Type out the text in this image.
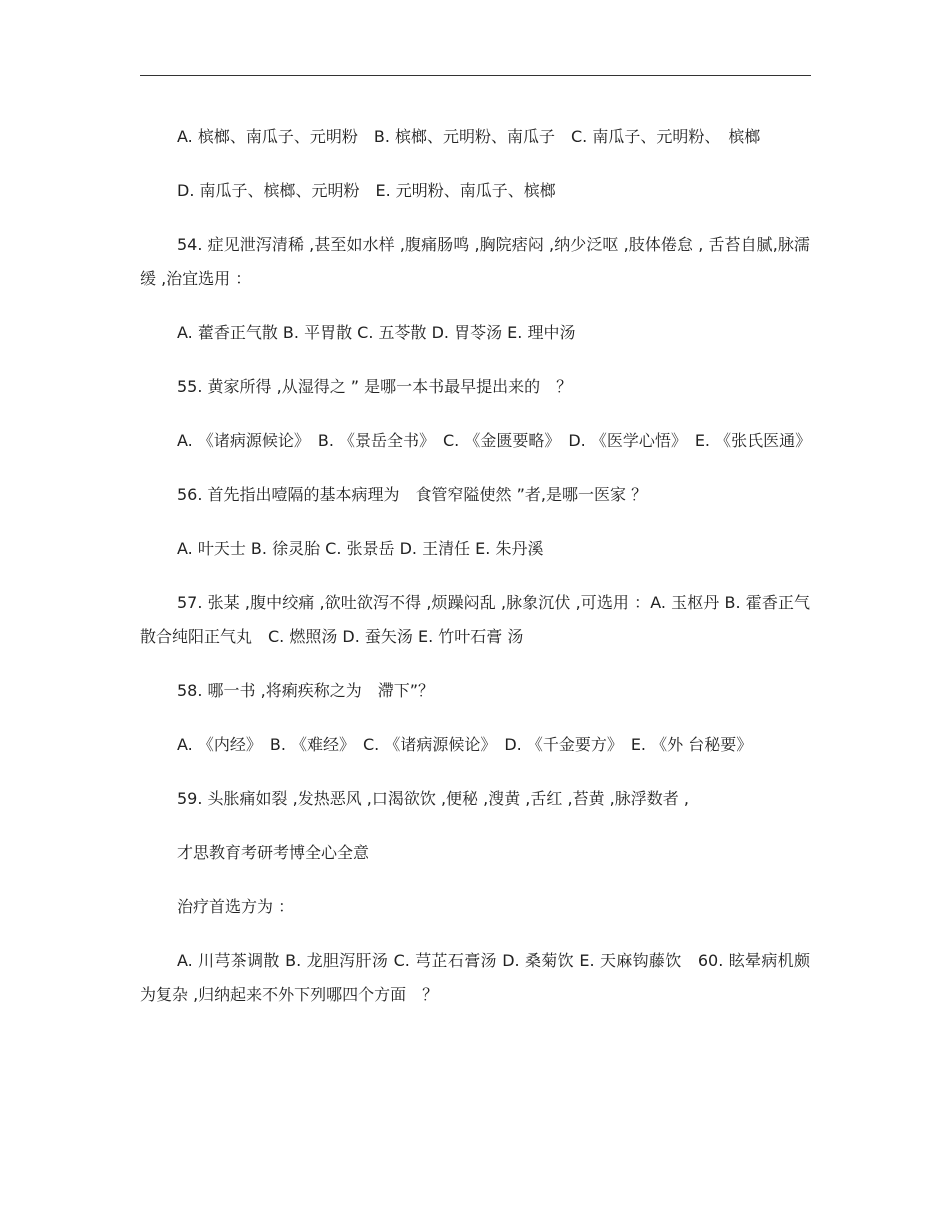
A. 槟榔、南瓜子、元明粉　B. 槟榔、元明粉、南瓜子　C. 南瓜子、元明粉、　槟榔

D. 南瓜子、槟榔、元明粉　E. 元明粉、南瓜子、槟榔

54. 症见泄泻清稀 ,甚至如水样 ,腹痛肠鸣 ,胸院痞闷 ,纳少泛呕 ,肢体倦怠 , 舌苔自腻,脉濡缓 ,治宜选用 ：

A. 藿香正气散 B. 平胃散 C. 五苓散 D. 胃苓汤 E. 理中汤

55. 黄家所得 ,从湿得之 ” 是哪一本书最早提出来的　？

A. 《诸病源候论》　B. 《景岳全书》　C. 《金匮要略》　D. 《医学心悟》　E. 《张氏医通》

56. 首先指出噎隔的基本病理为　食管窄隘使然 ”者,是哪一医家 ？

A. 叶天士 B. 徐灵胎 C. 张景岳 D. 王清任 E. 朱丹溪

57. 张某 ,腹中绞痛 ,欲吐欲泻不得 ,烦躁闷乱 ,脉象沉伏 ,可选用 ：A. 玉枢丹 B. 霍香正气散合纯阳正气丸　C. 燃照汤 D. 蚕矢汤 E. 竹叶石膏 汤

58. 哪一书 ,将痢疾称之为　滯下”？

A. 《内经》　B. 《难经》　C. 《诸病源候论》　D. 《千金要方》　E. 《外 台秘要》

59. 头胀痛如裂 ,发热恶风 ,口渴欲饮 ,便秘 ,溲黄 ,舌红 ,苔黄 ,脉浮数者 ,

才思教育考研考博全心全意

治疗首选方为 ：

A. 川芎茶调散 B. 龙胆泻肝汤 C. 芎芷石膏汤 D. 桑菊饮 E. 天麻钩藤饮　60. 眩晕病机颇为复杂 ,归纳起来不外下列哪四个方面　？
